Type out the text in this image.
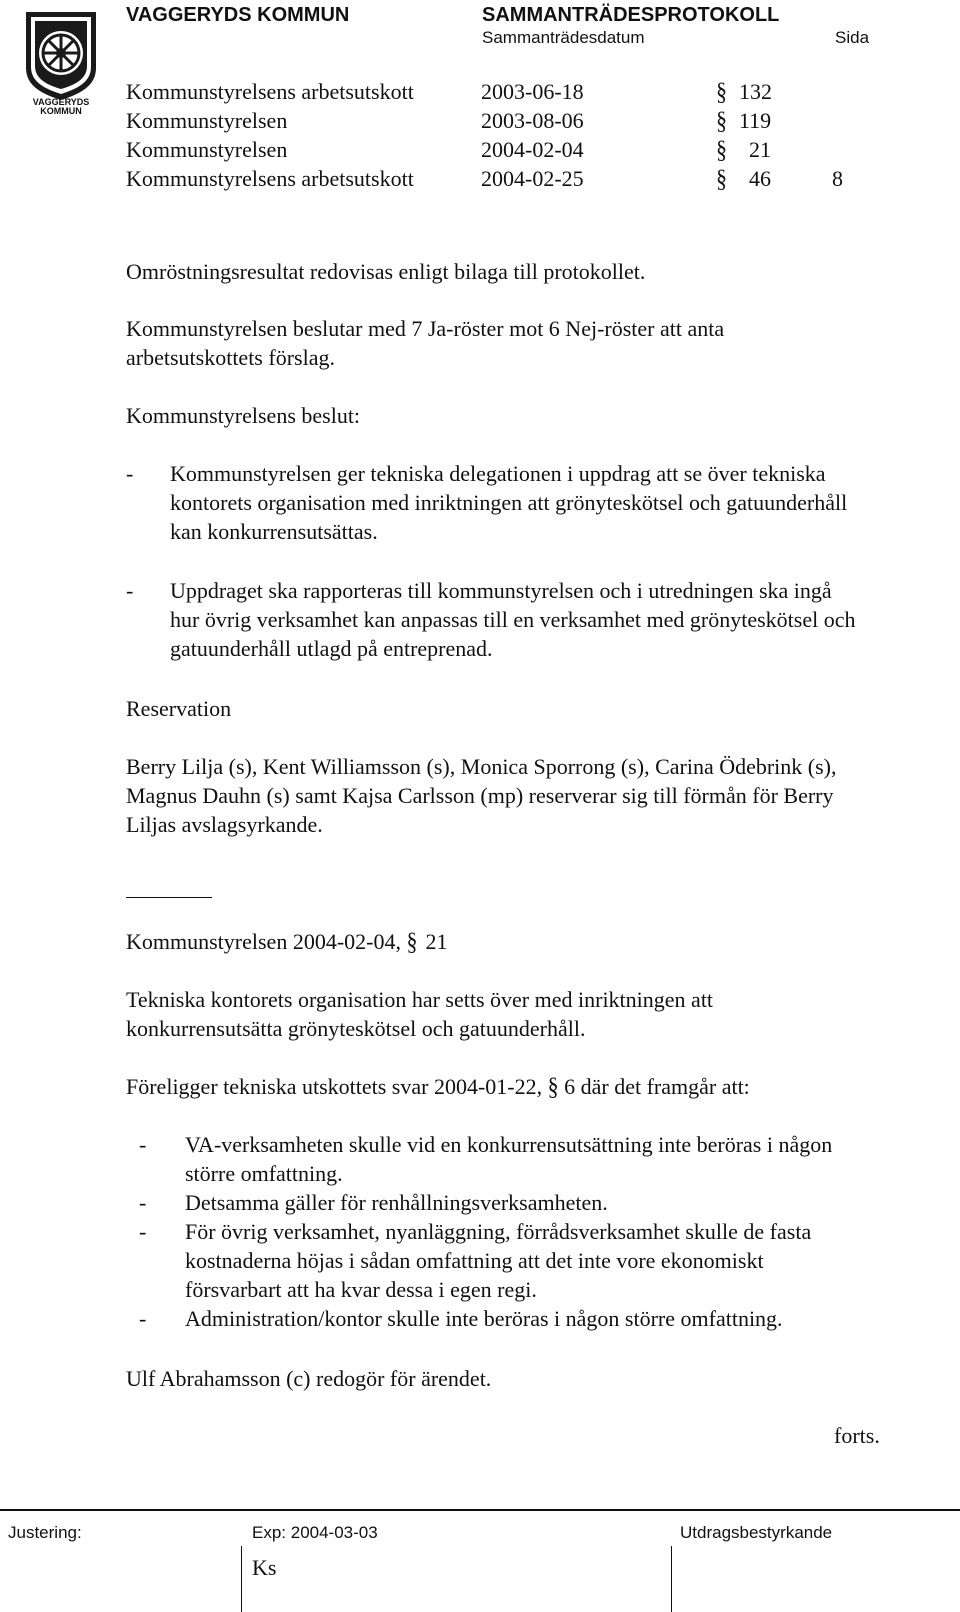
VAGGERYDS
KOMMUN
VAGGERYDS KOMMUN	SAMMANTRÄDESPROTOKOLL
Sammanträdesdatum	Sida
Kommunstyrelsens arbetsutskott	2003-06-18	§ 132
Kommunstyrelsen	2003-08-06	§ 119
Kommunstyrelsen	2004-02-04	§ 21
Kommunstyrelsens arbetsutskott	2004-02-25	§ 46	8
Omröstningsresultat redovisas enligt bilaga till protokollet.
Kommunstyrelsen beslutar med 7 Ja-röster mot 6 Nej-röster att anta
arbetsutskottets förslag.
Kommunstyrelsens beslut:
- Kommunstyrelsen ger tekniska delegationen i uppdrag att se över tekniska
kontorets organisation med inriktningen att grönyteskötsel och gatuunderhåll
kan konkurrensutsättas.
- Uppdraget ska rapporteras till kommunstyrelsen och i utredningen ska ingå
hur övrig verksamhet kan anpassas till en verksamhet med grönyteskötsel och
gatuunderhåll utlagd på entreprenad.
Reservation
Berry Lilja (s), Kent Williamsson (s), Monica Sporrong (s), Carina Ödebrink (s),
Magnus Dauhn (s) samt Kajsa Carlsson (mp) reserverar sig till förmån för Berry
Liljas avslagsyrkande.
Kommunstyrelsen 2004-02-04, § 21
Tekniska kontorets organisation har setts över med inriktningen att
konkurrensutsätta grönyteskötsel och gatuunderhåll.
Föreligger tekniska utskottets svar 2004-01-22, § 6 där det framgår att:
- VA-verksamheten skulle vid en konkurrensutsättning inte beröras i någon
större omfattning.
- Detsamma gäller för renhållningsverksamheten.
- För övrig verksamhet, nyanläggning, förrådsverksamhet skulle de fasta
kostnaderna höjas i sådan omfattning att det inte vore ekonomiskt
försvarbart att ha kvar dessa i egen regi.
- Administration/kontor skulle inte beröras i någon större omfattning.
Ulf Abrahamsson (c) redogör för ärendet.
forts.
Justering:	Exp: 2004-03-03
Ks
Utdragsbestyrkande
